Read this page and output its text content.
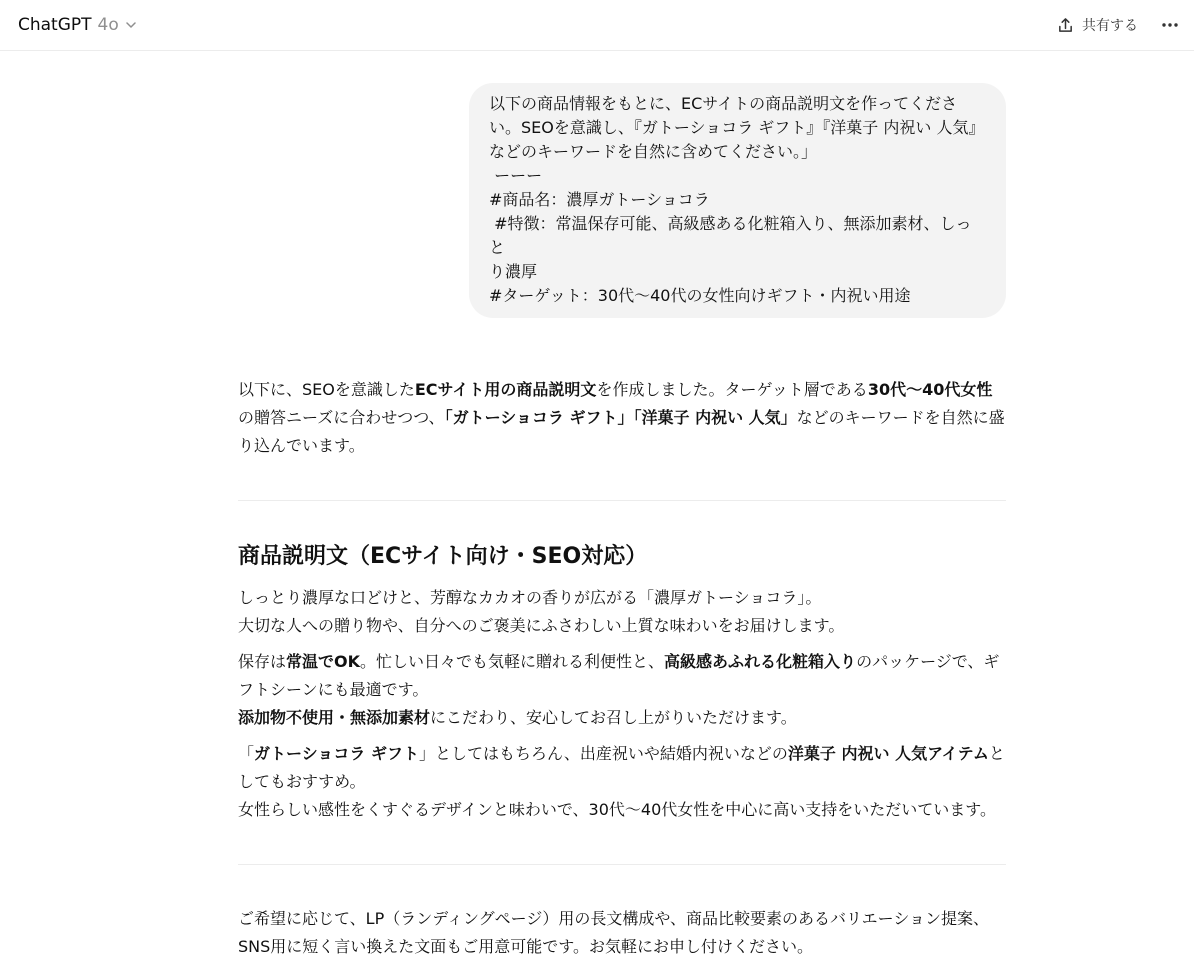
ChatGPT 4o	共有する

以下の商品情報をもとに、ECサイトの商品説明文を作ってくださ

い。SEOを意識し、『ガトーショコラ ギフト』『洋菓子 内祝い 人気』

などのキーワードを自然に含めてください。」

ーーー

#商品名：濃厚ガトーショコラ

#特徴：常温保存可能、高級感ある化粧箱入り、無添加素材、しっと

り濃厚

#ターゲット：30代〜40代の女性向けギフト・内祝い用途

以下に、SEOを意識したECサイト用の商品説明文を作成しました。ターゲット層である30代〜40代女性の贈答ニーズに合わせつつ、「ガトーショコラ ギフト」「洋菓子 内祝い 人気」などのキーワードを自然に盛り込んでいます。

商品説明文（ECサイト向け・SEO対応）

しっとり濃厚な口どけと、芳醇なカカオの香りが広がる「濃厚ガトーショコラ」。
大切な人への贈り物や、自分へのご褒美にふさわしい上質な味わいをお届けします。

保存は常温でOK。忙しい日々でも気軽に贈れる利便性と、高級感あふれる化粧箱入りのパッケージで、ギフトシーンにも最適です。
添加物不使用・無添加素材にこだわり、安心してお召し上がりいただけます。

「ガトーショコラ ギフト」としてはもちろん、出産祝いや結婚内祝いなどの洋菓子 内祝い 人気アイテムとしてもおすすめ。
女性らしい感性をくすぐるデザインと味わいで、30代〜40代女性を中心に高い支持をいただいています。

ご希望に応じて、LP（ランディングページ）用の長文構成や、商品比較要素のあるバリエーション提案、
SNS用に短く言い換えた文面もご用意可能です。お気軽にお申し付けください。
